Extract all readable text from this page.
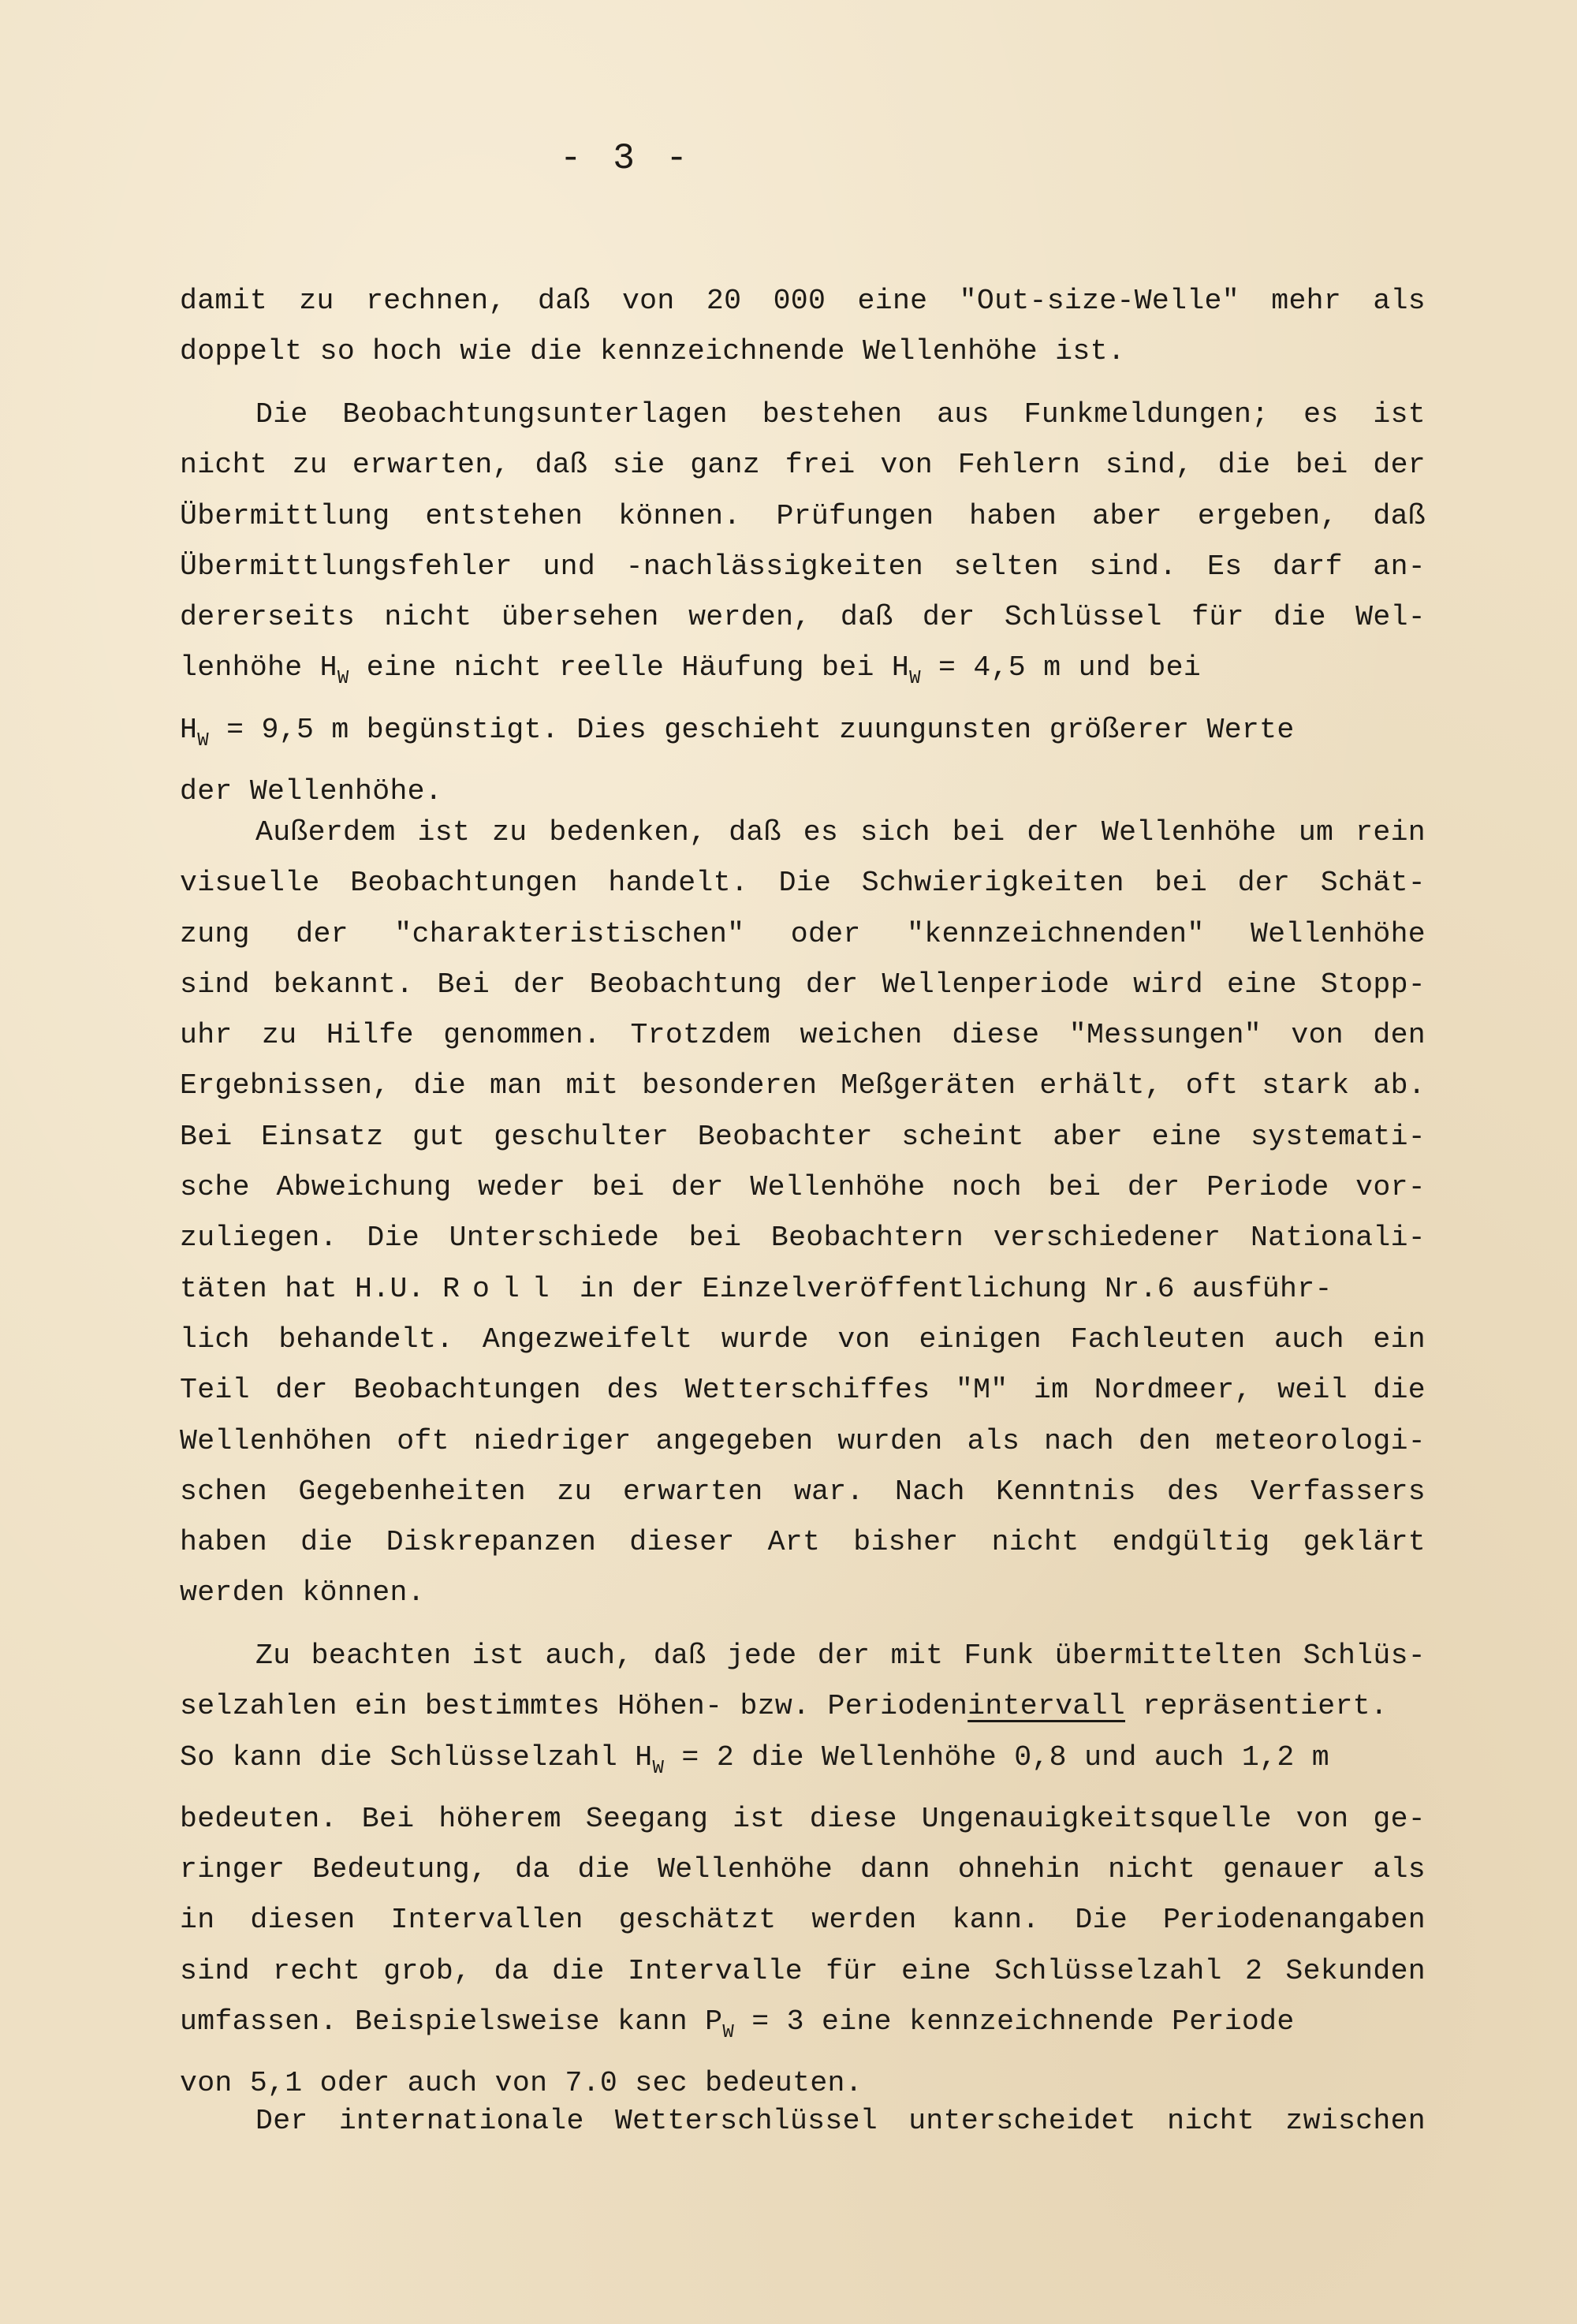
- 3 -
damit zu rechnen, daß von 20 000 eine "Out-size-Welle" mehr als
doppelt so hoch wie die kennzeichnende Wellenhöhe ist.
Die Beobachtungsunterlagen bestehen aus Funkmeldungen; es ist
nicht zu erwarten, daß sie ganz frei von Fehlern sind, die bei der
Übermittlung entstehen können. Prüfungen haben aber ergeben, daß
Übermittlungsfehler und -nachlässigkeiten selten sind. Es darf an-
dererseits nicht übersehen werden, daß der Schlüssel für die Wel-
lenhöhe $H_W$ eine nicht reelle Häufung bei $H_W = 4,5$ m und bei
$H_W = 9,5$ m begünstigt. Dies geschieht zuungunsten größerer Werte
der Wellenhöhe.
Außerdem ist zu bedenken, daß es sich bei der Wellenhöhe um rein
visuelle Beobachtungen handelt. Die Schwierigkeiten bei der Schät-
zung der "charakteristischen" oder "kennzeichnenden" Wellenhöhe
sind bekannt. Bei der Beobachtung der Wellenperiode wird eine Stopp-
uhr zu Hilfe genommen. Trotzdem weichen diese "Messungen" von den
Ergebnissen, die man mit besonderen Meßgeräten erhält, oft stark ab.
Bei Einsatz gut geschulter Beobachter scheint aber eine systemati-
sche Abweichung weder bei der Wellenhöhe noch bei der Periode vor-
zuliegen. Die Unterschiede bei Beobachtern verschiedener Nationali-
täten hat H.U. Roll in der Einzelveröffentlichung Nr.6 ausführ-
lich behandelt. Angezweifelt wurde von einigen Fachleuten auch ein
Teil der Beobachtungen des Wetterschiffes "M" im Nordmeer, weil die
Wellenhöhen oft niedriger angegeben wurden als nach den meteorologi-
schen Gegebenheiten zu erwarten war. Nach Kenntnis des Verfassers
haben die Diskrepanzen dieser Art bisher nicht endgültig geklärt
werden können.
Zu beachten ist auch, daß jede der mit Funk übermittelten Schlüs-
selzahlen ein bestimmtes Höhen- bzw. Periodenintervall repräsentiert.
So kann die Schlüsselzahl $H_W = 2$ die Wellenhöhe 0,8 und auch 1,2 m
bedeuten. Bei höherem Seegang ist diese Ungenauigkeitsquelle von ge-
ringer Bedeutung, da die Wellenhöhe dann ohnehin nicht genauer als
in diesen Intervallen geschätzt werden kann. Die Periodenangaben
sind recht grob, da die Intervalle für eine Schlüsselzahl 2 Sekunden
umfassen. Beispielsweise kann $P_W = 3$ eine kennzeichnende Periode
von 5,1 oder auch von 7.0 sec bedeuten.
Der internationale Wetterschlüssel unterscheidet nicht zwischen
